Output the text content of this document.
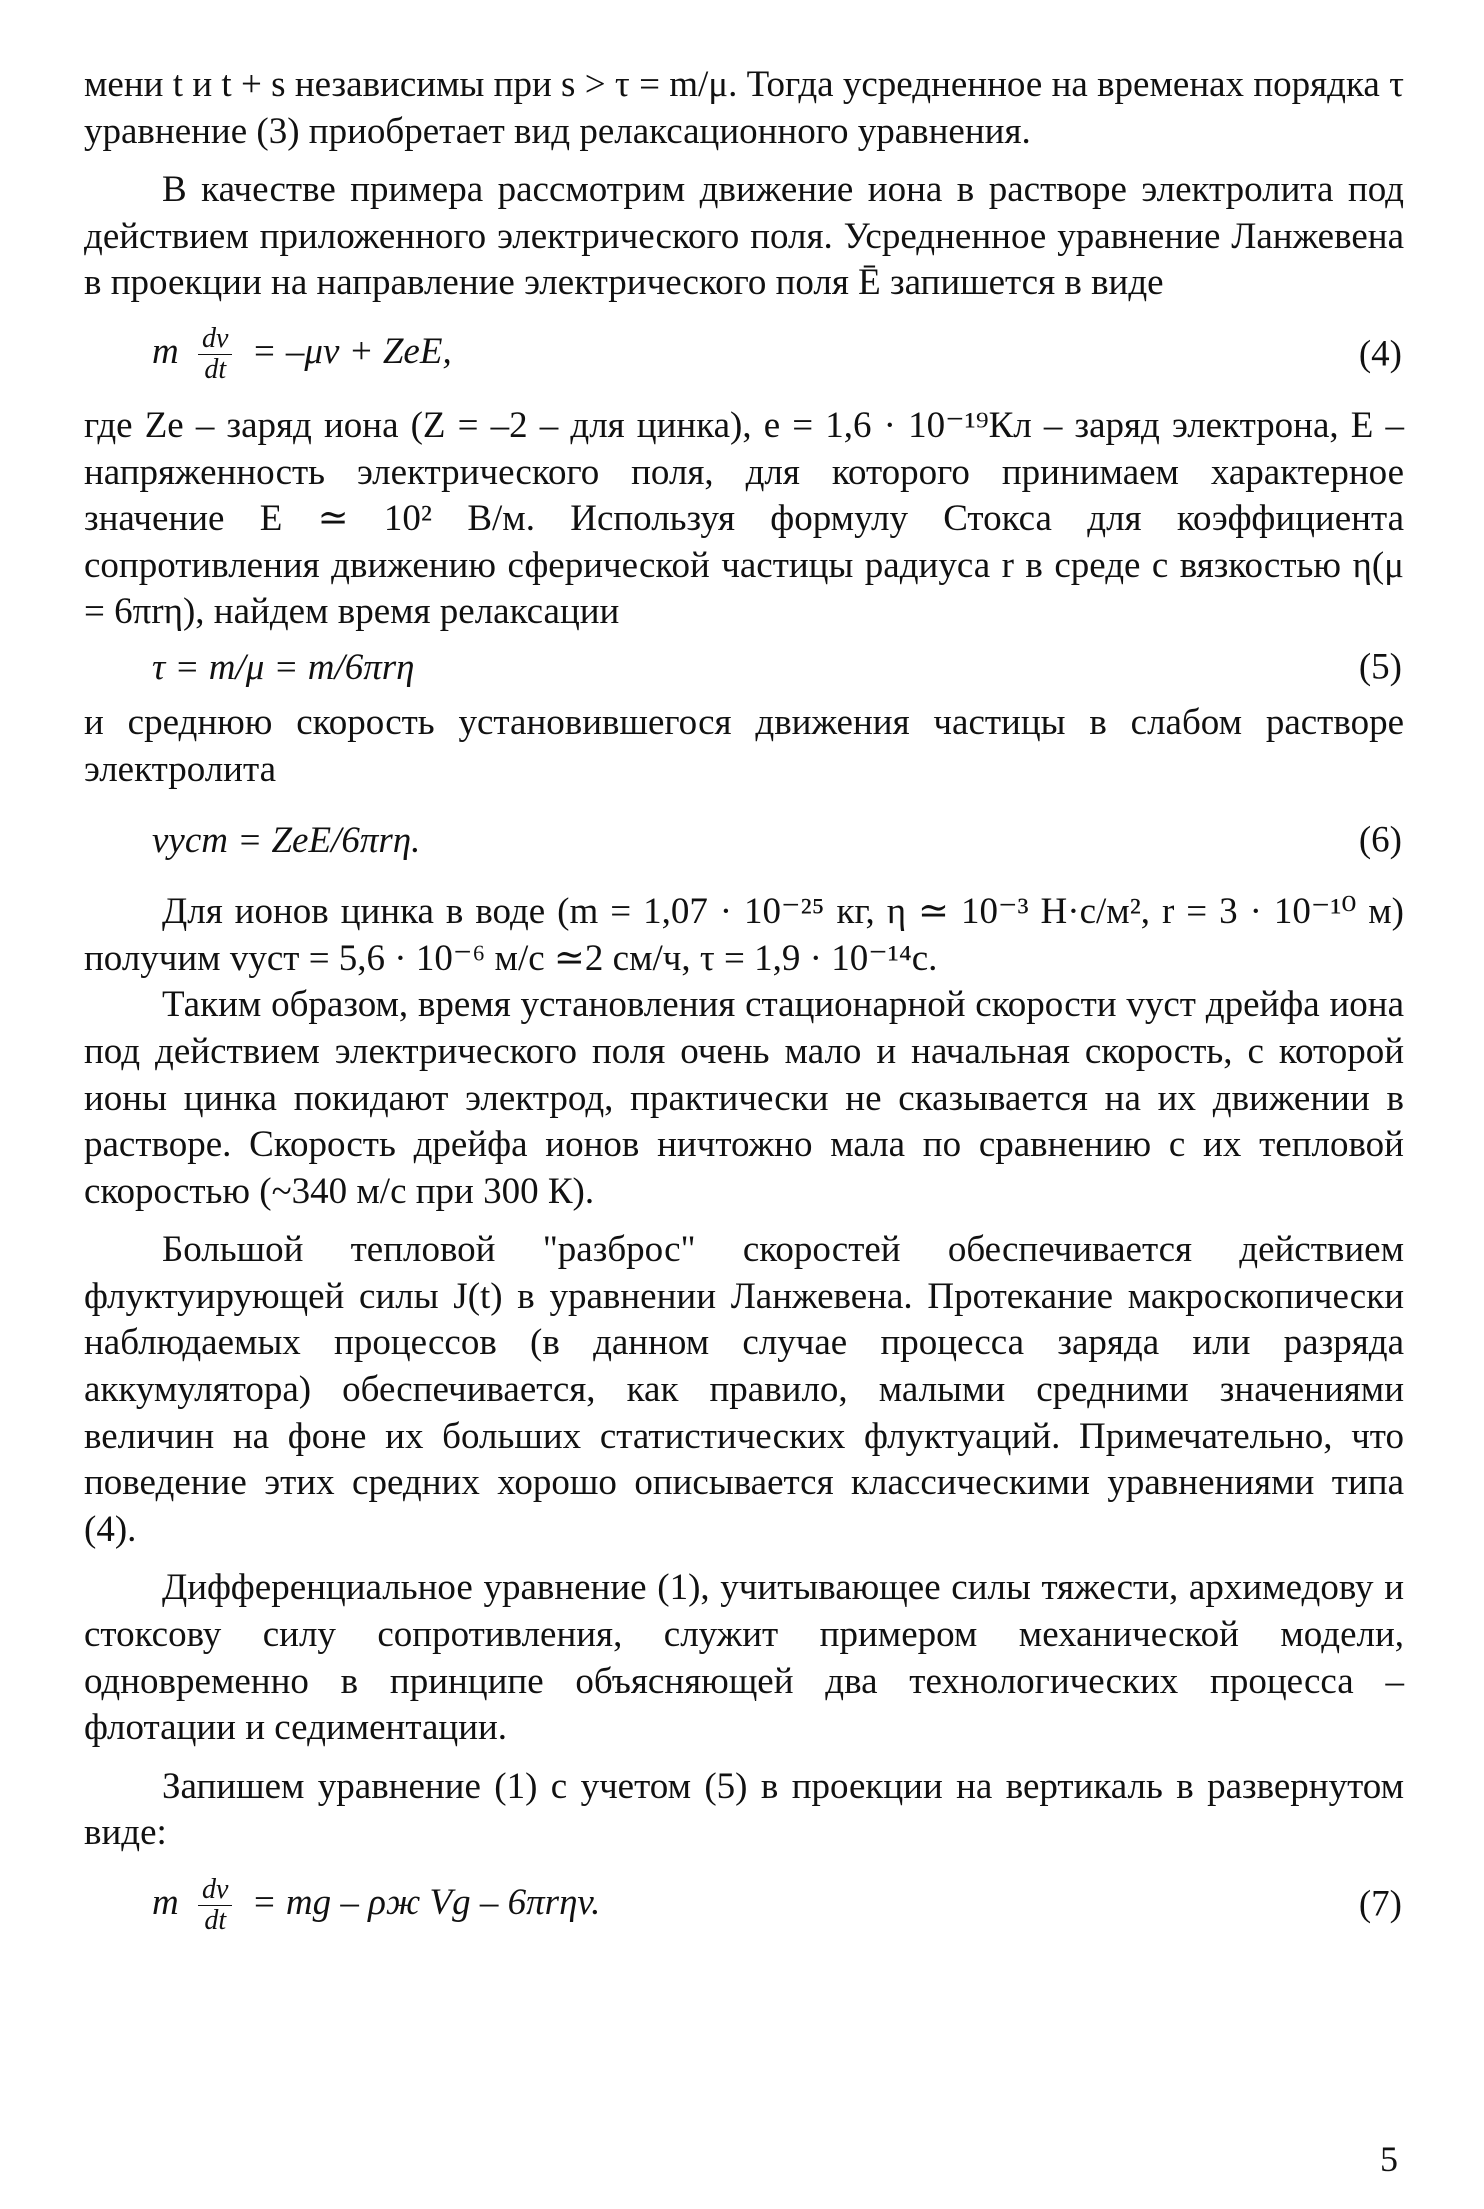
мени t и t + s независимы при s > τ = m/μ. Тогда усредненное на временах порядка τ уравнение (3) приобретает вид релаксационного уравнения.

В качестве примера рассмотрим движение иона в растворе электролита под действием приложенного электрического поля. Усредненное уравнение Ланжевена в проекции на направление электрического поля Ē запишется в виде

m $\frac{dv}{dt} = -\mu v$ + ZeE,	(4)

где Ze – заряд иона (Z = –2 – для цинка), e = 1,6 · 10⁻¹⁹Кл – заряд электрона, E – напряженность электрического поля, для которого принимаем характерное значение E ≃ 10² В/м. Используя формулу Стокса для коэффициента сопротивления движению сферической частицы радиуса r в среде с вязкостью η(μ = 6πrη), найдем время релаксации

τ = m/μ = m/6πrη	(5)

и среднюю скорость установившегося движения частицы в слабом растворе электролита

vуст = ZeE/6πrη.	(6)

Для ионов цинка в воде (m = 1,07 · 10⁻²⁵ кг, η ≃ 10⁻³ Н·с/м², r = 3 · 10⁻¹⁰ м) получим vуст = 5,6 · 10⁻⁶ м/с ≃2 см/ч, τ = 1,9 · 10⁻¹⁴с.

Таким образом, время установления стационарной скорости vуст дрейфа иона под действием электрического поля очень мало и начальная скорость, с которой ионы цинка покидают электрод, практически не сказывается на их движении в растворе. Скорость дрейфа ионов ничтожно мала по сравнению с их тепловой скоростью (~340 м/с при 300 К).

Большой тепловой "разброс" скоростей обеспечивается действием флуктуирующей силы J(t) в уравнении Ланжевена. Протекание макроскопически наблюдаемых процессов (в данном случае процесса заряда или разряда аккумулятора) обеспечивается, как правило, малыми средними значениями величин на фоне их больших статистических флуктуаций. Примечательно, что поведение этих средних хорошо описывается классическими уравнениями типа (4).

Дифференциальное уравнение (1), учитывающее силы тяжести, архимедову и стоксову силу сопротивления, служит примером механической модели, одновременно в принципе объясняющей два технологических процесса – флотации и седиментации.

Запишем уравнение (1) с учетом (5) в проекции на вертикаль в развернутом виде:

m $\frac{dv}{dt}$ = mg – ρж Vg – 6πrηv.	(7)
5
